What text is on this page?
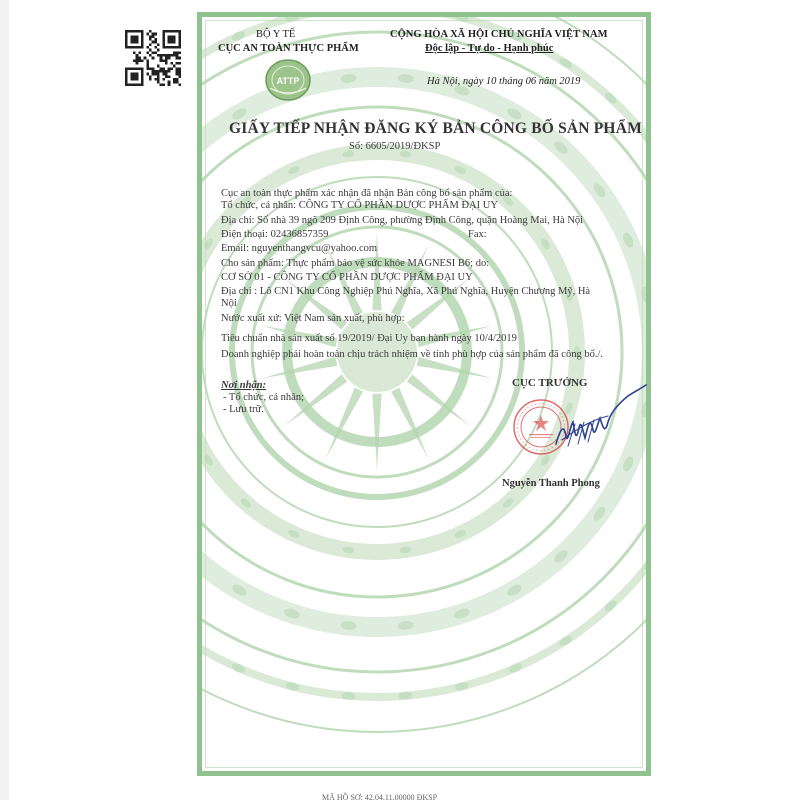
ATTP
BỘ Y TẾ
CỤC AN TOÀN THỰC PHẨM
CỘNG HÒA XÃ HỘI CHỦ NGHĨA VIỆT NAM
Độc lập - Tự do - Hạnh phúc
Hà Nội, ngày 10 tháng 06 năm 2019
GIẤY TIẾP NHẬN ĐĂNG KÝ BẢN CÔNG BỐ SẢN PHẨM
Số: 6605/2019/ĐKSP
Cục an toàn thực phẩm xác nhận đã nhận Bản công bố sản phẩm của:
Tổ chức, cá nhân: CÔNG TY CỔ PHẦN DƯỢC PHẨM ĐẠI UY
Địa chỉ: Số nhà 39 ngõ 209 Định Công, phường Định Công, quận Hoàng Mai, Hà Nội
Điện thoại: 02436857359	Fax:
Email: nguyenthangvcu@yahoo.com
Cho sản phẩm: Thực phẩm bảo vệ sức khỏe MAGNESI B6; do:
CƠ SỞ 01 - CÔNG TY CỔ PHẦN DƯỢC PHẨM ĐẠI UY
Địa chỉ : Lô CN1 Khu Công Nghiệp Phú Nghĩa, Xã Phú Nghĩa, Huyện Chương Mỹ, Hà
Nội
Nước xuất xứ: Việt Nam sản xuất, phù hợp:
Tiêu chuẩn nhà sản xuất số 19/2019/ Đại Uy ban hành ngày 10/4/2019
Doanh nghiệp phải hoàn toàn chịu trách nhiệm về tính phù hợp của sản phẩm đã công bố./.
Nơi nhận:
- Tổ chức, cá nhân;
- Lưu trữ.
CỤC TRƯỞNG
Nguyễn Thanh Phong
MÃ HỒ SƠ: 42.04.11.00000 ĐKSP
